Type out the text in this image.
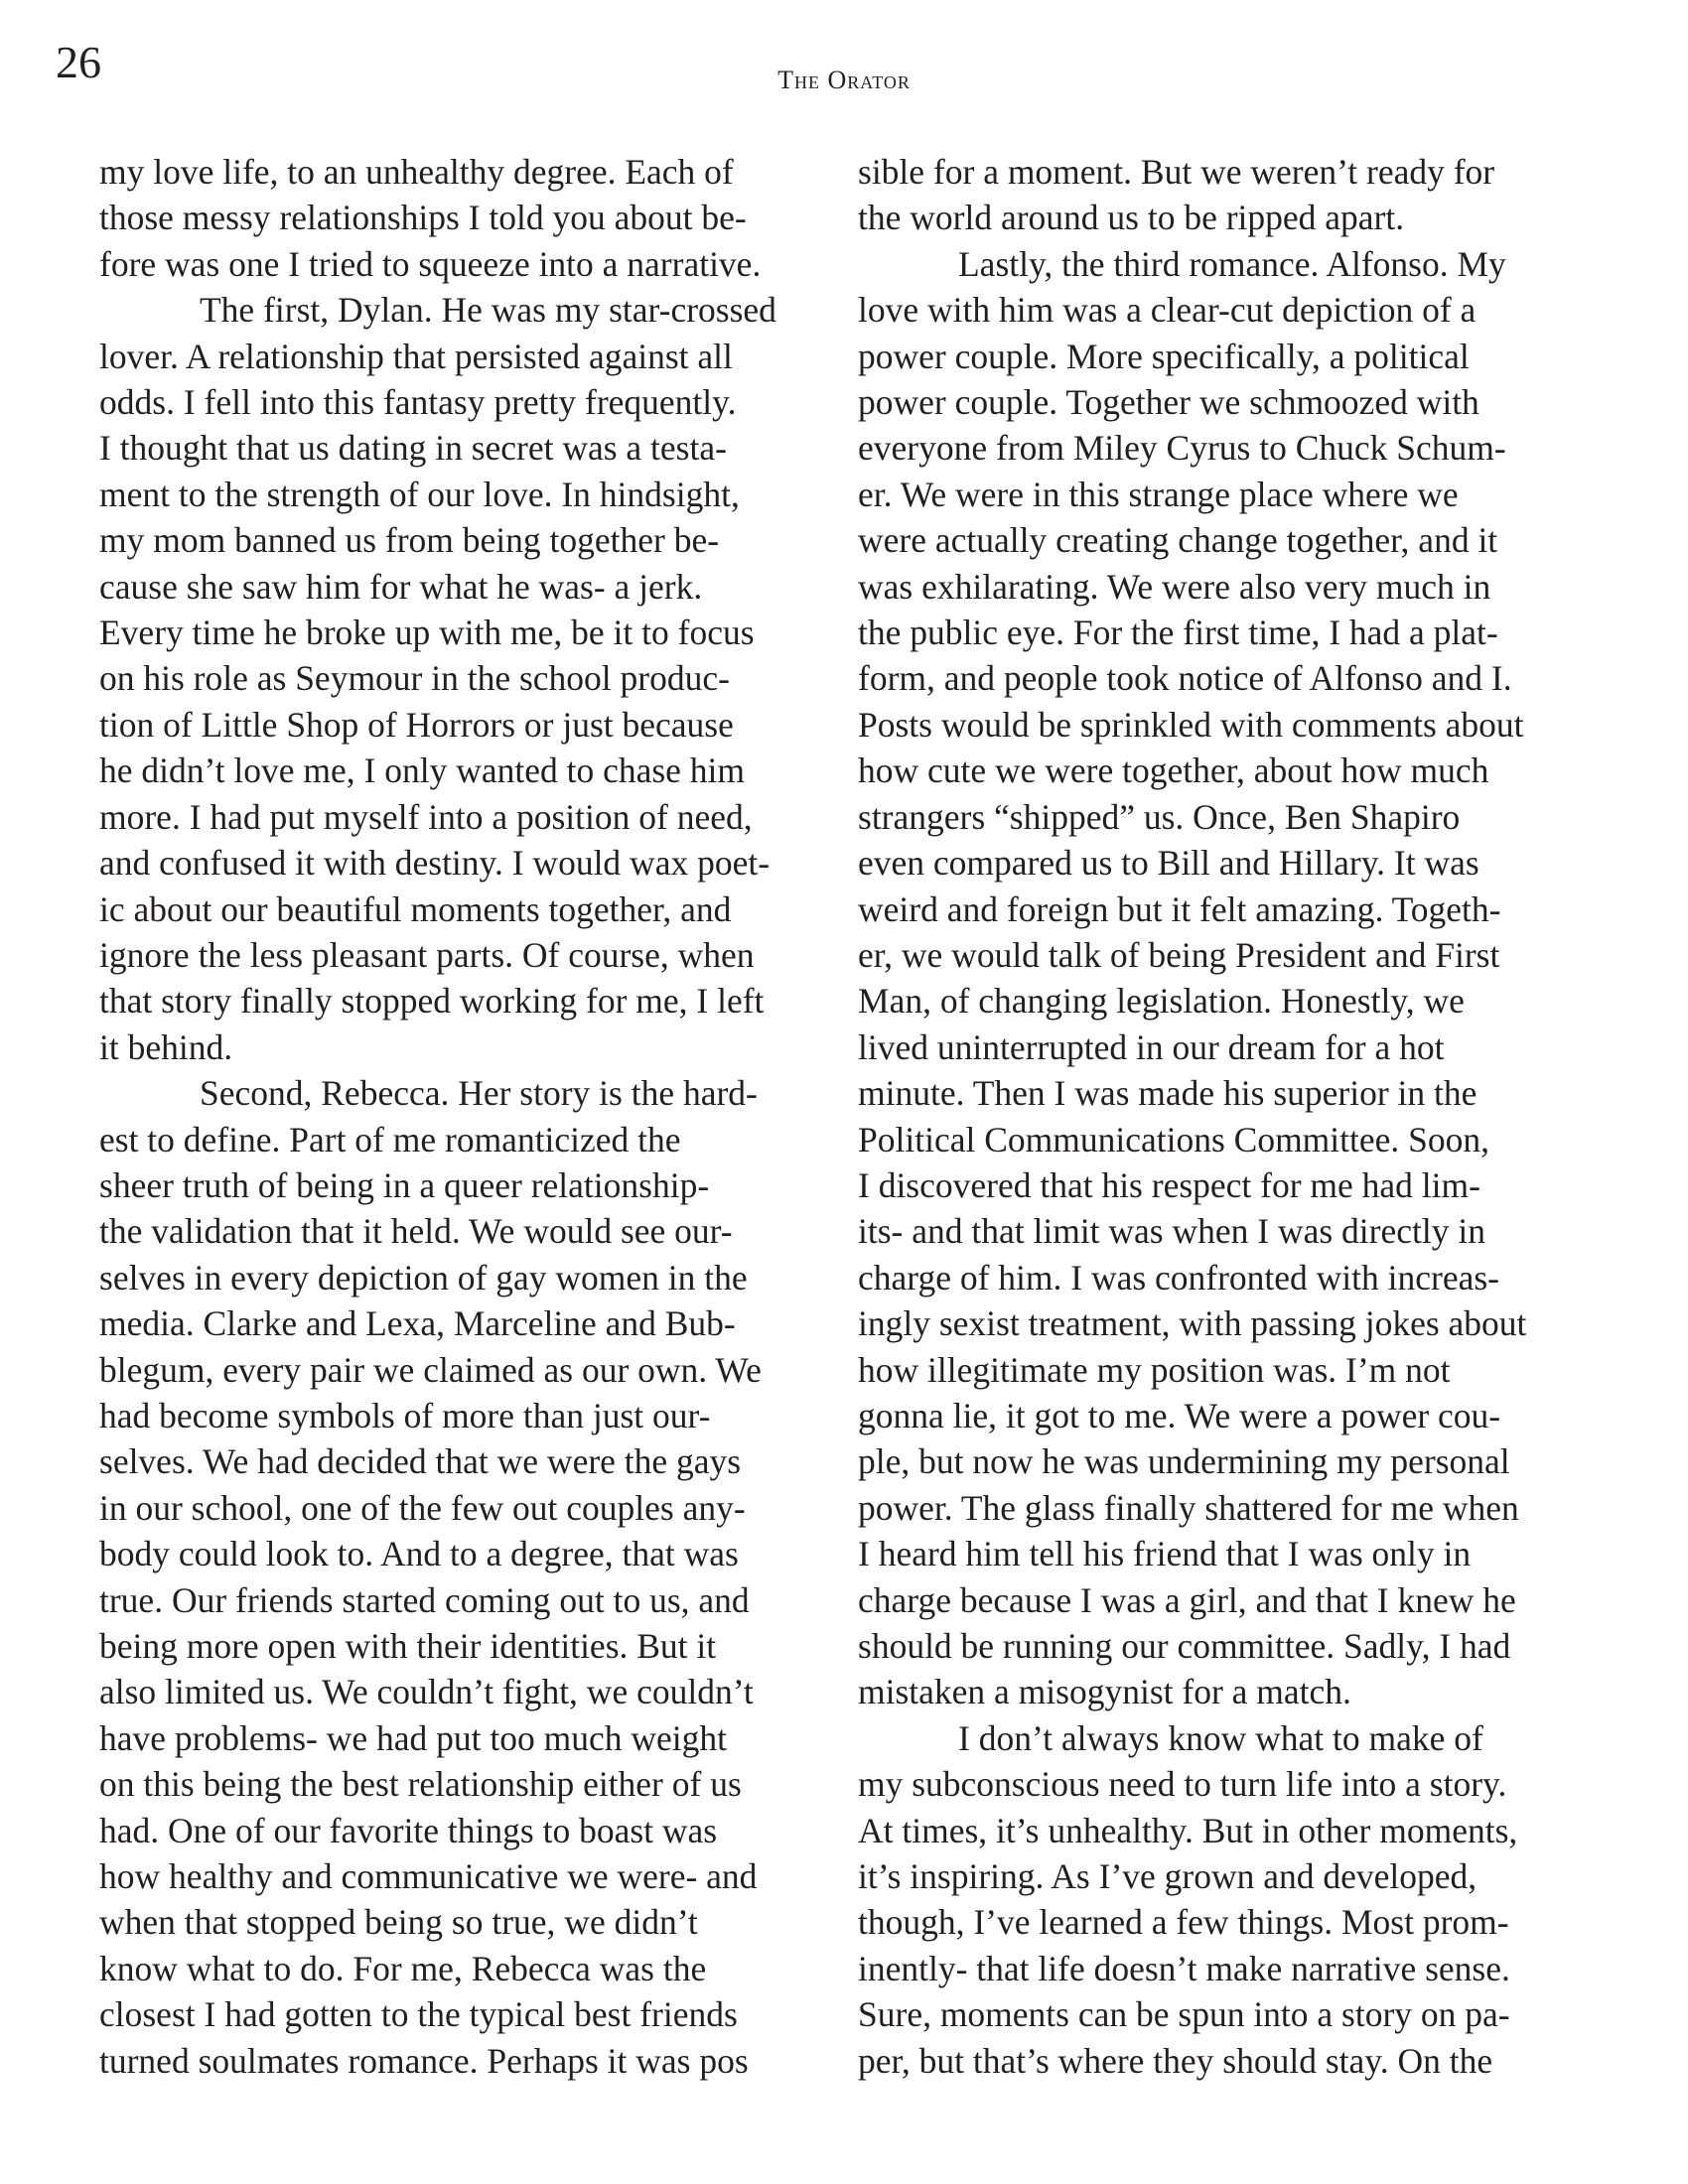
26	The Orator
my love life, to an unhealthy degree. Each of
those messy relationships I told you about be-
fore was one I tried to squeeze into a narrative.
The first, Dylan. He was my star-crossed
lover. A relationship that persisted against all
odds. I fell into this fantasy pretty frequently.
I thought that us dating in secret was a testa-
ment to the strength of our love. In hindsight,
my mom banned us from being together be-
cause she saw him for what he was- a jerk.
Every time he broke up with me, be it to focus
on his role as Seymour in the school produc-
tion of Little Shop of Horrors or just because
he didn’t love me, I only wanted to chase him
more. I had put myself into a position of need,
and confused it with destiny. I would wax poet-
ic about our beautiful moments together, and
ignore the less pleasant parts. Of course, when
that story finally stopped working for me, I left
it behind.
Second, Rebecca. Her story is the hard-
est to define. Part of me romanticized the
sheer truth of being in a queer relationship-
the validation that it held. We would see our-
selves in every depiction of gay women in the
media. Clarke and Lexa, Marceline and Bub-
blegum, every pair we claimed as our own. We
had become symbols of more than just our-
selves. We had decided that we were the gays
in our school, one of the few out couples any-
body could look to. And to a degree, that was
true. Our friends started coming out to us, and
being more open with their identities. But it
also limited us. We couldn’t fight, we couldn’t
have problems- we had put too much weight
on this being the best relationship either of us
had. One of our favorite things to boast was
how healthy and communicative we were- and
when that stopped being so true, we didn’t
know what to do. For me, Rebecca was the
closest I had gotten to the typical best friends
turned soulmates romance. Perhaps it was pos
sible for a moment. But we weren’t ready for
the world around us to be ripped apart.
Lastly, the third romance. Alfonso. My
love with him was a clear-cut depiction of a
power couple. More specifically, a political
power couple. Together we schmoozed with
everyone from Miley Cyrus to Chuck Schum-
er. We were in this strange place where we
were actually creating change together, and it
was exhilarating. We were also very much in
the public eye. For the first time, I had a plat-
form, and people took notice of Alfonso and I.
Posts would be sprinkled with comments about
how cute we were together, about how much
strangers “shipped” us. Once, Ben Shapiro
even compared us to Bill and Hillary. It was
weird and foreign but it felt amazing. Togeth-
er, we would talk of being President and First
Man, of changing legislation. Honestly, we
lived uninterrupted in our dream for a hot
minute. Then I was made his superior in the
Political Communications Committee. Soon,
I discovered that his respect for me had lim-
its- and that limit was when I was directly in
charge of him. I was confronted with increas-
ingly sexist treatment, with passing jokes about
how illegitimate my position was. I’m not
gonna lie, it got to me. We were a power cou-
ple, but now he was undermining my personal
power. The glass finally shattered for me when
I heard him tell his friend that I was only in
charge because I was a girl, and that I knew he
should be running our committee. Sadly, I had
mistaken a misogynist for a match.
I don’t always know what to make of
my subconscious need to turn life into a story.
At times, it’s unhealthy. But in other moments,
it’s inspiring. As I’ve grown and developed,
though, I’ve learned a few things. Most prom-
inently- that life doesn’t make narrative sense.
Sure, moments can be spun into a story on pa-
per, but that’s where they should stay. On the
